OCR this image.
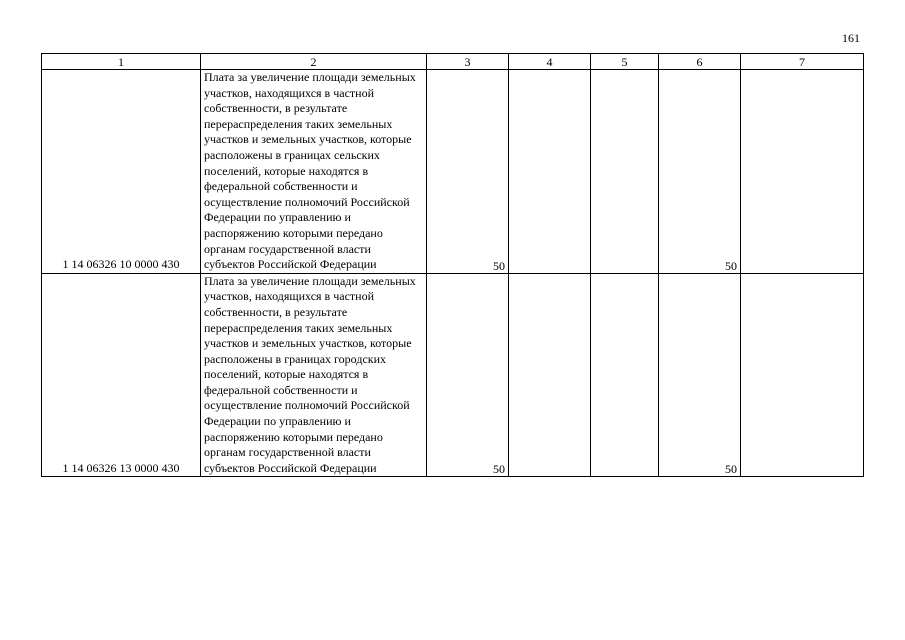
161
1	2	3	4	5	6	7
1 14 06326 10 0000 430	Плата за увеличение площади земельных участков, находящихся в частной собственности, в результате перераспределения таких земельных участков и земельных участков, которые расположены в границах сельских поселений, которые находятся в федеральной собственности и осуществление полномочий Российской Федерации по управлению и распоряжению которыми передано органам государственной власти субъектов Российской Федерации	50			50	
1 14 06326 13 0000 430	Плата за увеличение площади земельных участков, находящихся в частной собственности, в результате перераспределения таких земельных участков и земельных участков, которые расположены в границах городских поселений, которые находятся в федеральной собственности и осуществление полномочий Российской Федерации по управлению и распоряжению которыми передано органам государственной власти субъектов Российской Федерации	50			50	
